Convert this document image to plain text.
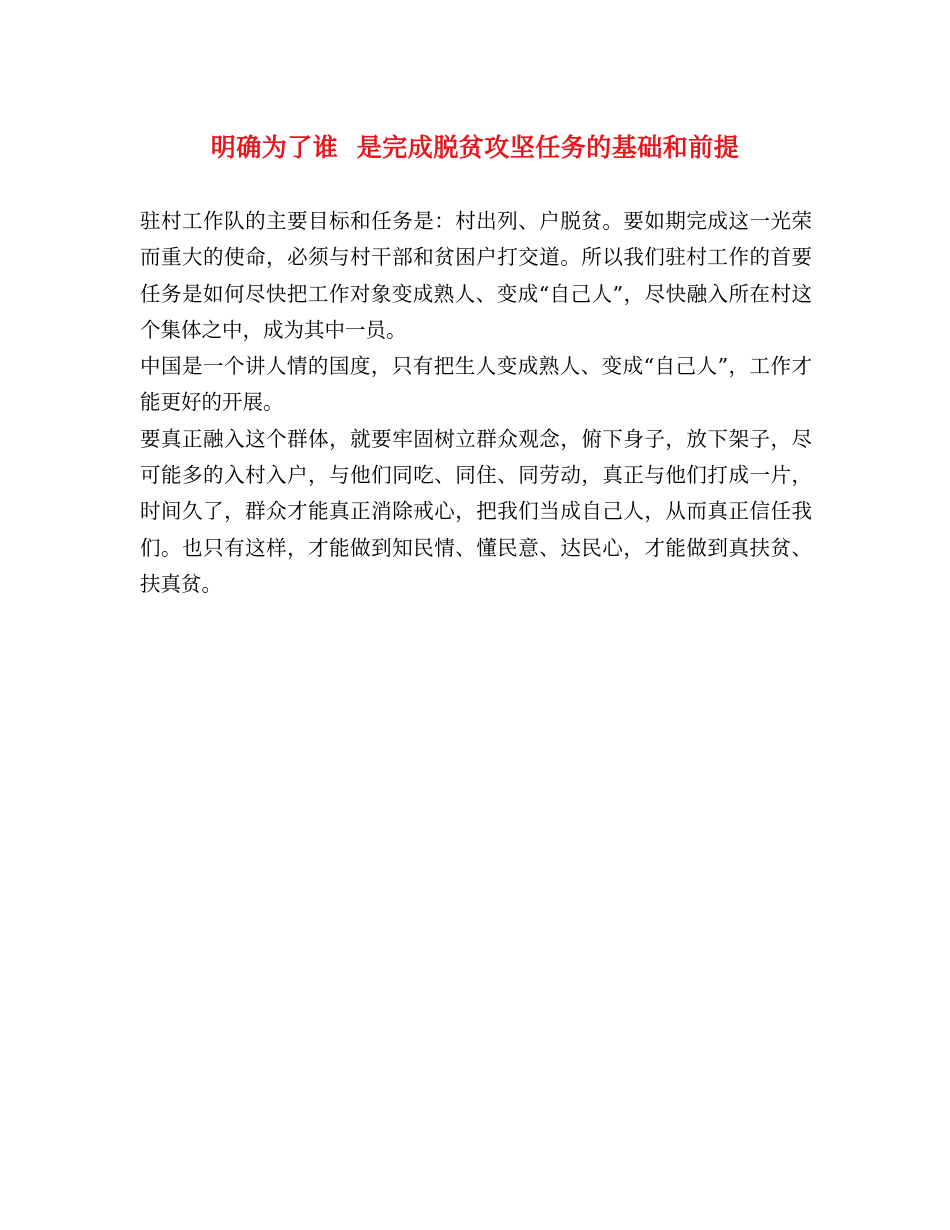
明确为了谁  是完成脱贫攻坚任务的基础和前提

驻村工作队的主要目标和任务是：村出列、户脱贫。要如期完成这一光荣而重大的使命，必须与村干部和贫困户打交道。所以我们驻村工作的首要任务是如何尽快把工作对象变成熟人、变成“自己人”，尽快融入所在村这个集体之中，成为其中一员。

中国是一个讲人情的国度，只有把生人变成熟人、变成“自己人”，工作才能更好的开展。

要真正融入这个群体，就要牢固树立群众观念，俯下身子，放下架子，尽可能多的入村入户，与他们同吃、同住、同劳动，真正与他们打成一片，时间久了，群众才能真正消除戒心，把我们当成自己人，从而真正信任我们。也只有这样，才能做到知民情、懂民意、达民心，才能做到真扶贫、扶真贫。
